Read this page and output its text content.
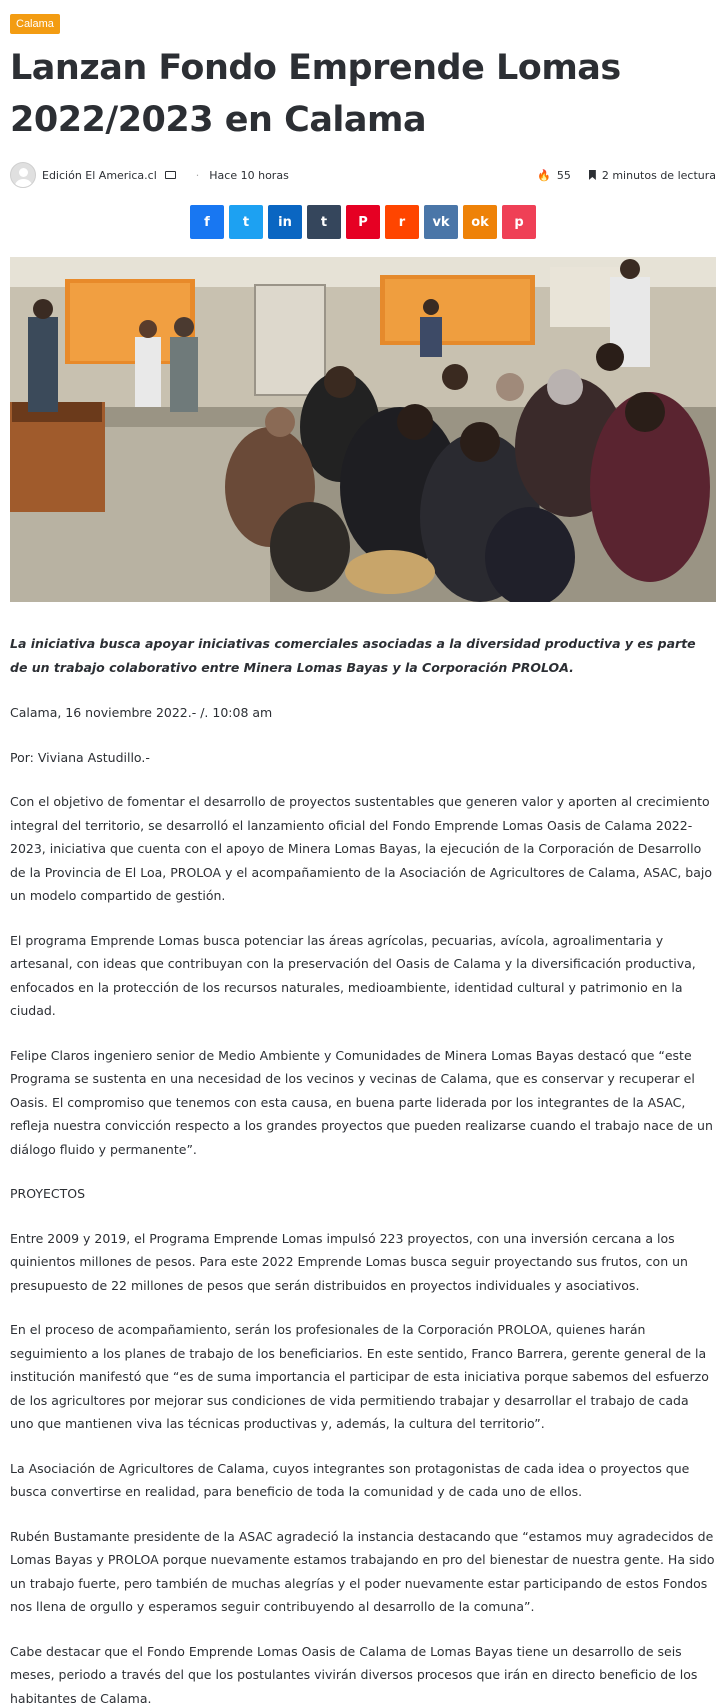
Calama
Lanzan Fondo Emprende Lomas 2022/2023 en Calama
Edición El America.cl	· Hace 10 horas	🔥 55	2 minutos de lectura
f	t in t P r vk ok p

La iniciativa busca apoyar iniciativas comerciales asociadas a la diversidad productiva y es parte de un trabajo colaborativo entre Minera Lomas Bayas y la Corporación PROLOA.

Calama, 16 noviembre 2022.- /. 10:08 am

Por: Viviana Astudillo.-

Con el objetivo de fomentar el desarrollo de proyectos sustentables que generen valor y aporten al crecimiento integral del territorio, se desarrolló el lanzamiento oficial del Fondo Emprende Lomas Oasis de Calama 2022-2023, iniciativa que cuenta con el apoyo de Minera Lomas Bayas, la ejecución de la Corporación de Desarrollo de la Provincia de El Loa, PROLOA y el acompañamiento de la Asociación de Agricultores de Calama, ASAC, bajo un modelo compartido de gestión.

El programa Emprende Lomas busca potenciar las áreas agrícolas, pecuarias, avícola, agroalimentaria y artesanal, con ideas que contribuyan con la preservación del Oasis de Calama y la diversificación productiva, enfocados en la protección de los recursos naturales, medioambiente, identidad cultural y patrimonio en la ciudad.

Felipe Claros ingeniero senior de Medio Ambiente y Comunidades de Minera Lomas Bayas destacó que “este Programa se sustenta en una necesidad de los vecinos y vecinas de Calama, que es conservar y recuperar el Oasis. El compromiso que tenemos con esta causa, en buena parte liderada por los integrantes de la ASAC, refleja nuestra convicción respecto a los grandes proyectos que pueden realizarse cuando el trabajo nace de un diálogo fluido y permanente”.

PROYECTOS

Entre 2009 y 2019, el Programa Emprende Lomas impulsó 223 proyectos, con una inversión cercana a los quinientos millones de pesos. Para este 2022 Emprende Lomas busca seguir proyectando sus frutos, con un presupuesto de 22 millones de pesos que serán distribuidos en proyectos individuales y asociativos.

En el proceso de acompañamiento, serán los profesionales de la Corporación PROLOA, quienes harán seguimiento a los planes de trabajo de los beneficiarios. En este sentido, Franco Barrera, gerente general de la institución manifestó que “es de suma importancia el participar de esta iniciativa porque sabemos del esfuerzo de los agricultores por mejorar sus condiciones de vida permitiendo trabajar y desarrollar el trabajo de cada uno que mantienen viva las técnicas productivas y, además, la cultura del territorio”.

La Asociación de Agricultores de Calama, cuyos integrantes son protagonistas de cada idea o proyectos que busca convertirse en realidad, para beneficio de toda la comunidad y de cada uno de ellos.

Rubén Bustamante presidente de la ASAC agradeció la instancia destacando que “estamos muy agradecidos de Lomas Bayas y PROLOA porque nuevamente estamos trabajando en pro del bienestar de nuestra gente. Ha sido un trabajo fuerte, pero también de muchas alegrías y el poder nuevamente estar participando de estos Fondos nos llena de orgullo y esperamos seguir contribuyendo al desarrollo de la comuna”.

Cabe destacar que el Fondo Emprende Lomas Oasis de Calama de Lomas Bayas tiene un desarrollo de seis meses, periodo a través del que los postulantes vivirán diversos procesos que irán en directo beneficio de los habitantes de Calama.
